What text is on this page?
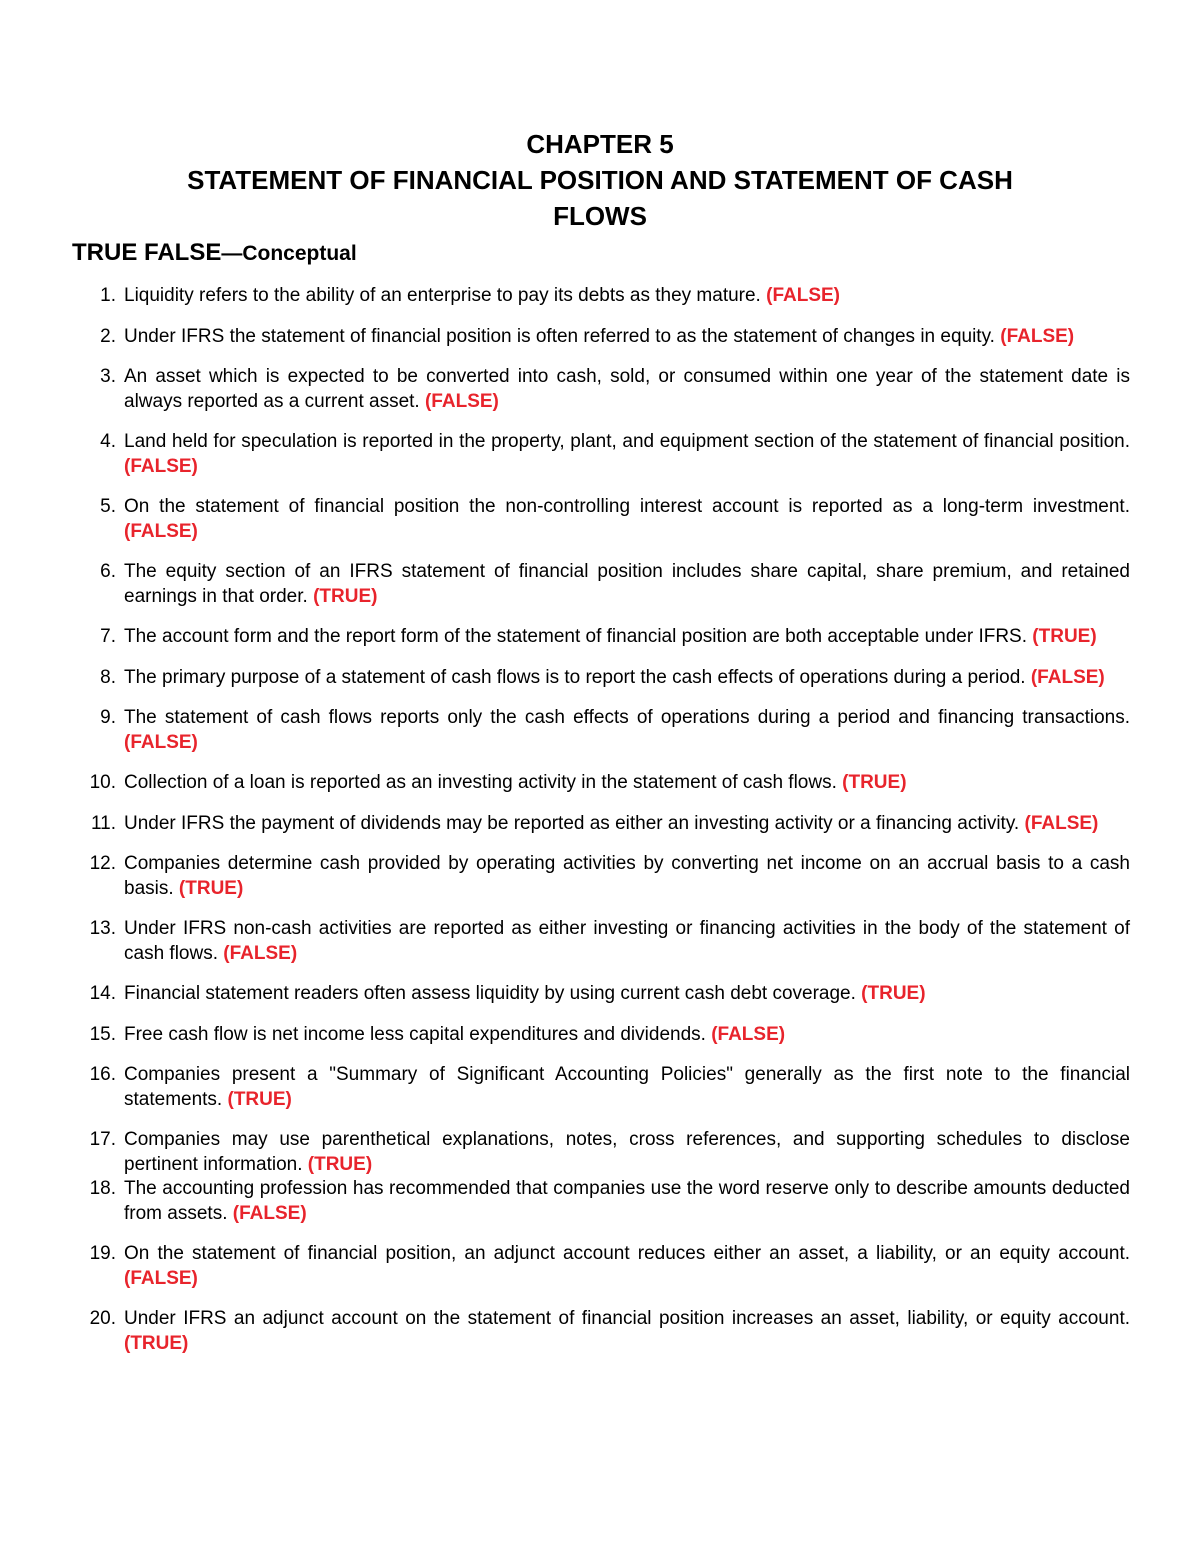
CHAPTER 5
STATEMENT OF FINANCIAL POSITION AND STATEMENT OF CASH
FLOWS
TRUE FALSE—Conceptual
1. Liquidity refers to the ability of an enterprise to pay its debts as they mature. (FALSE)
2. Under IFRS the statement of financial position is often referred to as the statement of changes in equity. (FALSE)
3. An asset which is expected to be converted into cash, sold, or consumed within one year of the statement date is always reported as a current asset. (FALSE)
4. Land held for speculation is reported in the property, plant, and equipment section of the statement of financial position. (FALSE)
5. On the statement of financial position the non-controlling interest account is reported as a long-term investment. (FALSE)
6. The equity section of an IFRS statement of financial position includes share capital, share premium, and retained earnings in that order. (TRUE)
7. The account form and the report form of the statement of financial position are both acceptable under IFRS. (TRUE)
8. The primary purpose of a statement of cash flows is to report the cash effects of operations during a period. (FALSE)
9. The statement of cash flows reports only the cash effects of operations during a period and financing transactions. (FALSE)
10. Collection of a loan is reported as an investing activity in the statement of cash flows. (TRUE)
11. Under IFRS the payment of dividends may be reported as either an investing activity or a financing activity. (FALSE)
12. Companies determine cash provided by operating activities by converting net income on an accrual basis to a cash basis. (TRUE)
13. Under IFRS non-cash activities are reported as either investing or financing activities in the body of the statement of cash flows. (FALSE)
14. Financial statement readers often assess liquidity by using current cash debt coverage. (TRUE)
15. Free cash flow is net income less capital expenditures and dividends. (FALSE)
16. Companies present a "Summary of Significant Accounting Policies" generally as the first note to the financial statements. (TRUE)
17. Companies may use parenthetical explanations, notes, cross references, and supporting schedules to disclose pertinent information. (TRUE)
18. The accounting profession has recommended that companies use the word reserve only to describe amounts deducted from assets. (FALSE)
19. On the statement of financial position, an adjunct account reduces either an asset, a liability, or an equity account. (FALSE)
20. Under IFRS an adjunct account on the statement of financial position increases an asset, liability, or equity account. (TRUE)
